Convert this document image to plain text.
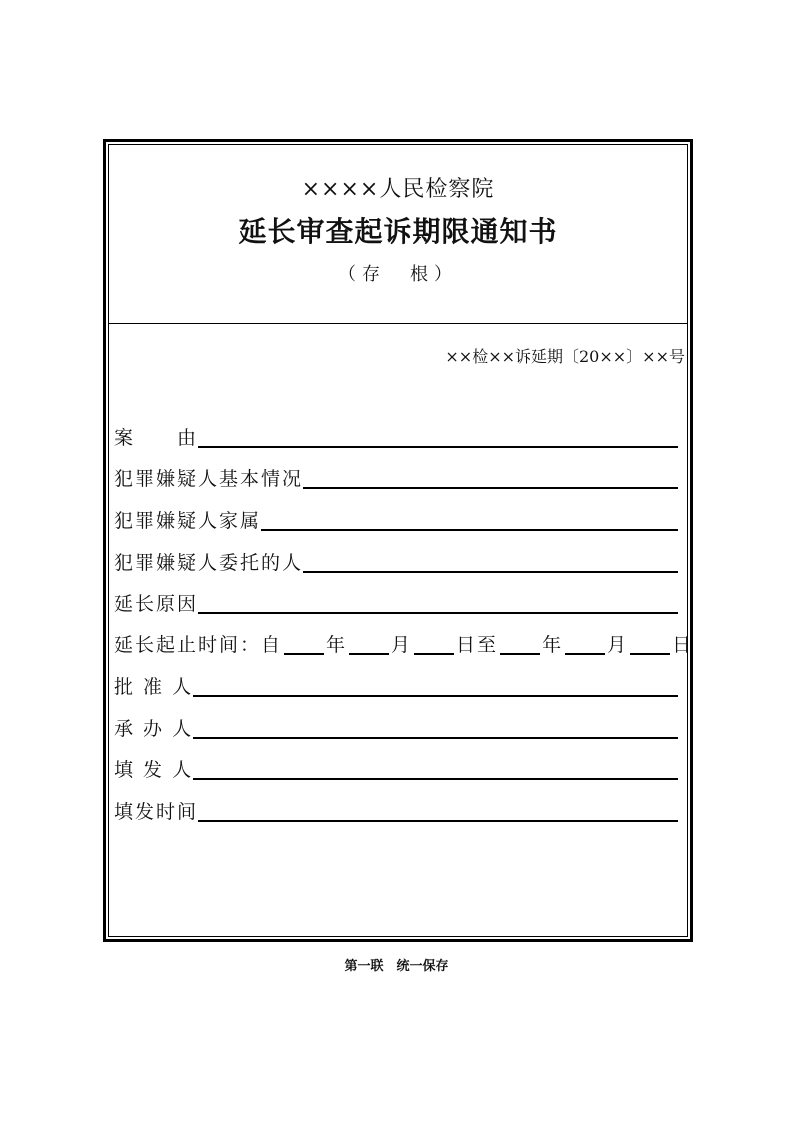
××××人民检察院
延长审查起诉期限通知书
（存　根）
××检××诉延期〔20××〕××号
案　　由
犯罪嫌疑人基本情况
犯罪嫌疑人家属
犯罪嫌疑人委托的人
延长原因
延长起止时间：自 年 月 日至 年 月 日
批 准 人
承 办 人
填 发 人
填发时间
第一联　统一保存
